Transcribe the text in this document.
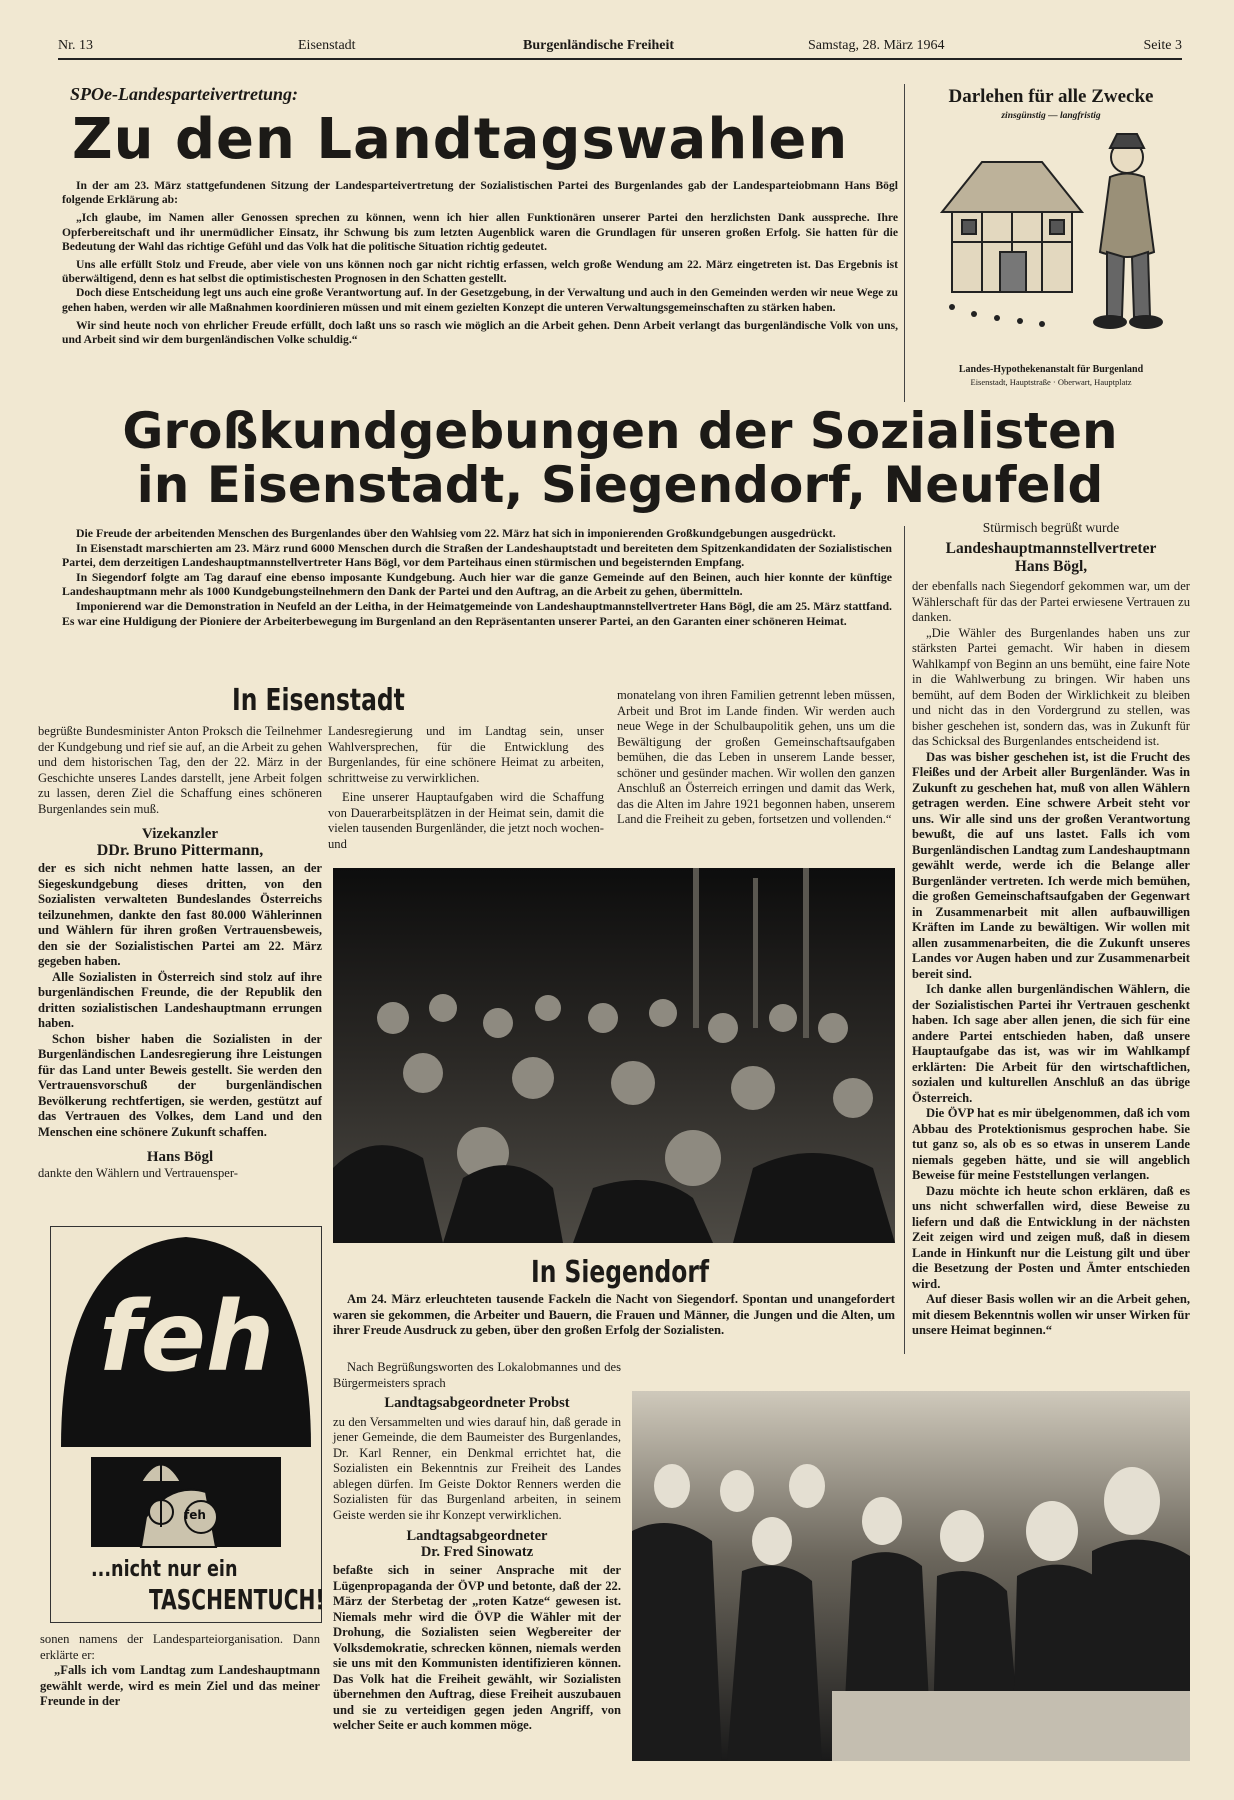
Nr. 13	Eisenstadt	Burgenländische Freiheit	Samstag, 28. März 1964	Seite 3
SPOe-Landesparteivertretung:
Zu den Landtagswahlen

In der am 23. März stattgefundenen Sitzung der Landesparteivertretung der Sozialistischen Partei des Burgenlandes gab der Landesparteiobmann Hans Bögl folgende Erklärung ab:

„Ich glaube, im Namen aller Genossen sprechen zu können, wenn ich hier allen Funktionären unserer Partei den herzlichsten Dank ausspreche. Ihre Opferbereitschaft und ihr unermüdlicher Einsatz, ihr Schwung bis zum letzten Augenblick waren die Grundlagen für unseren großen Erfolg. Sie hatten für die Bedeutung der Wahl das richtige Gefühl und das Volk hat die politische Situation richtig gedeutet.

Uns alle erfüllt Stolz und Freude, aber viele von uns können noch gar nicht richtig erfassen, welch große Wendung am 22. März eingetreten ist. Das Ergebnis ist überwältigend, denn es hat selbst die optimistischesten Prognosen in den Schatten gestellt.

Doch diese Entscheidung legt uns auch eine große Verantwortung auf. In der Gesetzgebung, in der Verwaltung und auch in den Gemeinden werden wir neue Wege zu gehen haben, werden wir alle Maßnahmen koordinieren müssen und mit einem gezielten Konzept die unteren Verwaltungsgemeinschaften zu stärken haben.

Wir sind heute noch von ehrlicher Freude erfüllt, doch laßt uns so rasch wie möglich an die Arbeit gehen. Denn Arbeit verlangt das burgenländische Volk von uns, und Arbeit sind wir dem burgenländischen Volke schuldig.“

Darlehen für alle Zwecke
zinsgünstig — langfristig
Landes-Hypothekenanstalt für Burgenland
Eisenstadt, Hauptstraße · Oberwart, Hauptplatz
Großkundgebungen der Sozialisten
in Eisenstadt, Siegendorf, Neufeld

Die Freude der arbeitenden Menschen des Burgenlandes über den Wahlsieg vom 22. März hat sich in imponierenden Großkundgebungen ausgedrückt.

In Eisenstadt marschierten am 23. März rund 6000 Menschen durch die Straßen der Landeshauptstadt und bereiteten dem Spitzenkandidaten der Sozialistischen Partei, dem derzeitigen Landeshauptmannstellvertreter Hans Bögl, vor dem Parteihaus einen stürmischen und begeisternden Empfang.

In Siegendorf folgte am Tag darauf eine ebenso imposante Kundgebung. Auch hier war die ganze Gemeinde auf den Beinen, auch hier konnte der künftige Landeshauptmann mehr als 1000 Kundgebungsteilnehmern den Dank der Partei und den Auftrag, an die Arbeit zu gehen, übermitteln.

Imponierend war die Demonstration in Neufeld an der Leitha, in der Heimatgemeinde von Landeshauptmannstellvertreter Hans Bögl, die am 25. März stattfand. Es war eine Huldigung der Pioniere der Arbeiterbewegung im Burgenland an den Repräsentanten unserer Partei, an den Garanten einer schöneren Heimat.

In Eisenstadt

begrüßte Bundesminister Anton Proksch die Teilnehmer der Kundgebung und rief sie auf, an die Arbeit zu gehen und dem historischen Tag, den der 22. März in der Geschichte unseres Landes darstellt, jene Arbeit folgen zu lassen, deren Ziel die Schaffung eines schöneren Burgenlandes sein muß.

Vizekanzler
DDr. Bruno Pittermann,

der es sich nicht nehmen hatte lassen, an der Siegeskundgebung dieses dritten, von den Sozialisten verwalteten Bundeslandes Österreichs teilzunehmen, dankte den fast 80.000 Wählerinnen und Wählern für ihren großen Vertrauensbeweis, den sie der Sozialistischen Partei am 22. März gegeben haben.

Alle Sozialisten in Österreich sind stolz auf ihre burgenländischen Freunde, die der Republik den dritten sozialistischen Landeshauptmann errungen haben.

Schon bisher haben die Sozialisten in der Burgenländischen Landesregierung ihre Leistungen für das Land unter Beweis gestellt. Sie werden den Vertrauensvorschuß der burgenländischen Bevölkerung rechtfertigen, sie werden, gestützt auf das Vertrauen des Volkes, dem Land und den Menschen eine schönere Zukunft schaffen.

Hans Bögl

dankte den Wählern und Vertrauensper-

Landesregierung und im Landtag sein, unser Wahlversprechen, für die Entwicklung des Burgenlandes, für eine schönere Heimat zu arbeiten, schrittweise zu verwirklichen.

Eine unserer Hauptaufgaben wird die Schaffung von Dauerarbeitsplätzen in der Heimat sein, damit die vielen tausenden Burgenländer, die jetzt noch wochen- und

monatelang von ihren Familien getrennt leben müssen, Arbeit und Brot im Lande finden. Wir werden auch neue Wege in der Schulbaupolitik gehen, uns um die Bewältigung der großen Gemeinschaftsaufgaben bemühen, die das Leben in unserem Lande besser, schöner und gesünder machen. Wir wollen den ganzen Anschluß an Österreich erringen und damit das Werk, das die Alten im Jahre 1921 begonnen haben, unserem Land die Freiheit zu geben, fortsetzen und vollenden.“

Stürmisch begrüßt wurde
Landeshauptmannstellvertreter
Hans Bögl,

der ebenfalls nach Siegendorf gekommen war, um der Wählerschaft für das der Partei erwiesene Vertrauen zu danken.

„Die Wähler des Burgenlandes haben uns zur stärksten Partei gemacht. Wir haben in diesem Wahlkampf von Beginn an uns bemüht, eine faire Note in die Wahlwerbung zu bringen. Wir haben uns bemüht, auf dem Boden der Wirklichkeit zu bleiben und nicht das in den Vordergrund zu stellen, was bisher geschehen ist, sondern das, was in Zukunft für das Schicksal des Burgenlandes entscheidend ist.

Das was bisher geschehen ist, ist die Frucht des Fleißes und der Arbeit aller Burgenländer. Was in Zukunft zu geschehen hat, muß von allen Wählern getragen werden. Eine schwere Arbeit steht vor uns. Wir alle sind uns der großen Verantwortung bewußt, die auf uns lastet. Falls ich vom Burgenländischen Landtag zum Landeshauptmann gewählt werde, werde ich die Belange aller Burgenländer vertreten. Ich werde mich bemühen, die großen Gemeinschaftsaufgaben der Gegenwart in Zusammenarbeit mit allen aufbauwilligen Kräften im Lande zu bewältigen. Wir wollen mit allen zusammenarbeiten, die die Zukunft unseres Landes vor Augen haben und zur Zusammenarbeit bereit sind.

Ich danke allen burgenländischen Wählern, die der Sozialistischen Partei ihr Vertrauen geschenkt haben. Ich sage aber allen jenen, die sich für eine andere Partei entschieden haben, daß unsere Hauptaufgabe das ist, was wir im Wahlkampf erklärten: Die Arbeit für den wirtschaftlichen, sozialen und kulturellen Anschluß an das übrige Österreich.

Die ÖVP hat es mir übelgenommen, daß ich vom Abbau des Protektionismus gesprochen habe. Sie tut ganz so, als ob es so etwas in unserem Lande niemals gegeben hätte, und sie will angeblich Beweise für meine Feststellungen verlangen.

Dazu möchte ich heute schon erklären, daß es uns nicht schwerfallen wird, diese Beweise zu liefern und daß die Entwicklung in der nächsten Zeit zeigen wird und zeigen muß, daß in diesem Lande in Hinkunft nur die Leistung gilt und über die Besetzung der Posten und Ämter entschieden wird.

Auf dieser Basis wollen wir an die Arbeit gehen, mit diesem Bekenntnis wollen wir unser Wirken für unsere Heimat beginnen.“

feh
feh
...nicht nur ein
TASCHENTUCH!

sonen namens der Landesparteiorganisation. Dann erklärte er:

„Falls ich vom Landtag zum Landeshauptmann gewählt werde, wird es mein Ziel und das meiner Freunde in der

In Siegendorf

Am 24. März erleuchteten tausende Fackeln die Nacht von Siegendorf. Spontan und unangefordert waren sie gekommen, die Arbeiter und Bauern, die Frauen und Männer, die Jungen und die Alten, um ihrer Freude Ausdruck zu geben, über den großen Erfolg der Sozialisten.

Nach Begrüßungsworten des Lokalobmannes und des Bürgermeisters sprach

Landtagsabgeordneter Probst

zu den Versammelten und wies darauf hin, daß gerade in jener Gemeinde, die dem Baumeister des Burgenlandes, Dr. Karl Renner, ein Denkmal errichtet hat, die Sozialisten ein Bekenntnis zur Freiheit des Landes ablegen dürfen. Im Geiste Doktor Renners werden die Sozialisten für das Burgenland arbeiten, in seinem Geiste werden sie ihr Konzept verwirklichen.

Landtagsabgeordneter
Dr. Fred Sinowatz

befaßte sich in seiner Ansprache mit der Lügenpropaganda der ÖVP und betonte, daß der 22. März der Sterbetag der „roten Katze“ gewesen ist. Niemals mehr wird die ÖVP die Wähler mit der Drohung, die Sozialisten seien Wegbereiter der Volksdemokratie, schrecken können, niemals werden sie uns mit den Kommunisten identifizieren können. Das Volk hat die Freiheit gewählt, wir Sozialisten übernehmen den Auftrag, diese Freiheit auszubauen und sie zu verteidigen gegen jeden Angriff, von welcher Seite er auch kommen möge.
